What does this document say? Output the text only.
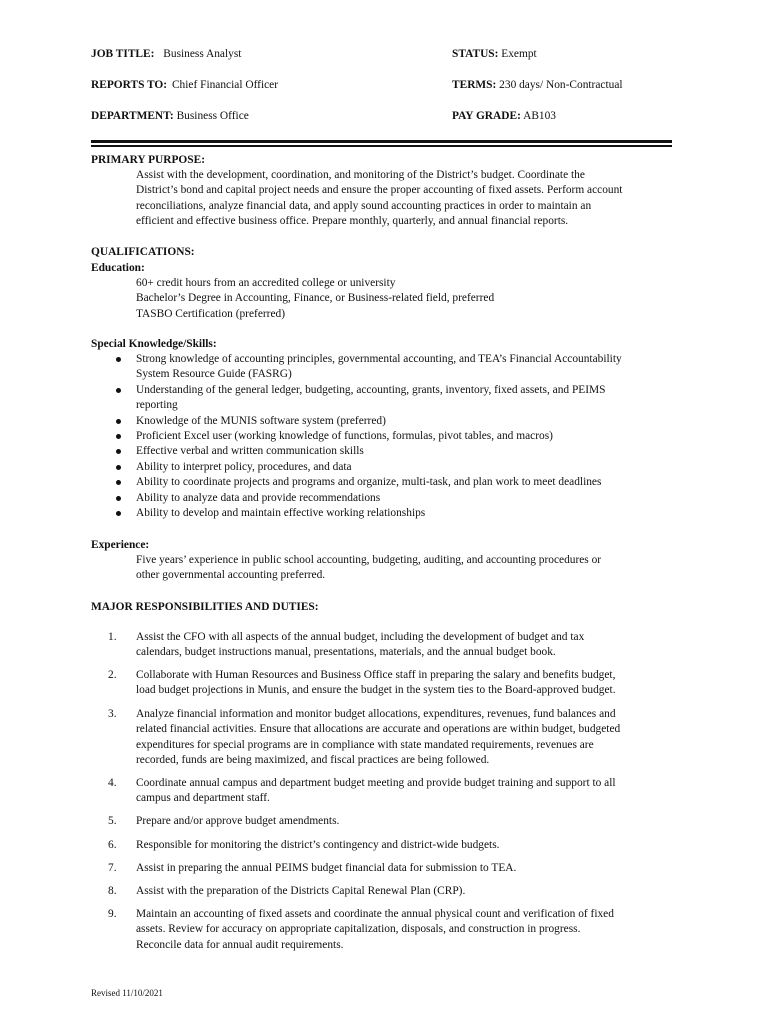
JOB TITLE: Business Analyst	STATUS: Exempt
REPORTS TO: Chief Financial Officer	TERMS: 230 days/ Non-Contractual
DEPARTMENT: Business Office	PAY GRADE: AB103
PRIMARY PURPOSE:
Assist with the development, coordination, and monitoring of the District’s budget. Coordinate the
District’s bond and capital project needs and ensure the proper accounting of fixed assets. Perform account
reconciliations, analyze financial data, and apply sound accounting practices in order to maintain an
efficient and effective business office. Prepare monthly, quarterly, and annual financial reports.
QUALIFICATIONS:
Education:
60+ credit hours from an accredited college or university
Bachelor’s Degree in Accounting, Finance, or Business-related field, preferred
TASBO Certification (preferred)
Special Knowledge/Skills:
Strong knowledge of accounting principles, governmental accounting, and TEA’s Financial Accountability
System Resource Guide (FASRG)
Understanding of the general ledger, budgeting, accounting, grants, inventory, fixed assets, and PEIMS
reporting
Knowledge of the MUNIS software system (preferred)
Proficient Excel user (working knowledge of functions, formulas, pivot tables, and macros)
Effective verbal and written communication skills
Ability to interpret policy, procedures, and data
Ability to coordinate projects and programs and organize, multi-task, and plan work to meet deadlines
Ability to analyze data and provide recommendations
Ability to develop and maintain effective working relationships
Experience:
Five years’ experience in public school accounting, budgeting, auditing, and accounting procedures or
other governmental accounting preferred.
MAJOR RESPONSIBILITIES AND DUTIES:
1.	Assist the CFO with all aspects of the annual budget, including the development of budget and tax
calendars, budget instructions manual, presentations, materials, and the annual budget book.
2.	Collaborate with Human Resources and Business Office staff in preparing the salary and benefits budget,
load budget projections in Munis, and ensure the budget in the system ties to the Board-approved budget.
3.	Analyze financial information and monitor budget allocations, expenditures, revenues, fund balances and
related financial activities. Ensure that allocations are accurate and operations are within budget, budgeted
expenditures for special programs are in compliance with state mandated requirements, revenues are
recorded, funds are being maximized, and fiscal practices are being followed.
4.	Coordinate annual campus and department budget meeting and provide budget training and support to all
campus and department staff.
5.	Prepare and/or approve budget amendments.
6.	Responsible for monitoring the district’s contingency and district-wide budgets.
7.	Assist in preparing the annual PEIMS budget financial data for submission to TEA.
8.	Assist with the preparation of the Districts Capital Renewal Plan (CRP).
9.	Maintain an accounting of fixed assets and coordinate the annual physical count and verification of fixed
assets. Review for accuracy on appropriate capitalization, disposals, and construction in progress.
Reconcile data for annual audit requirements.
Revised 11/10/2021
